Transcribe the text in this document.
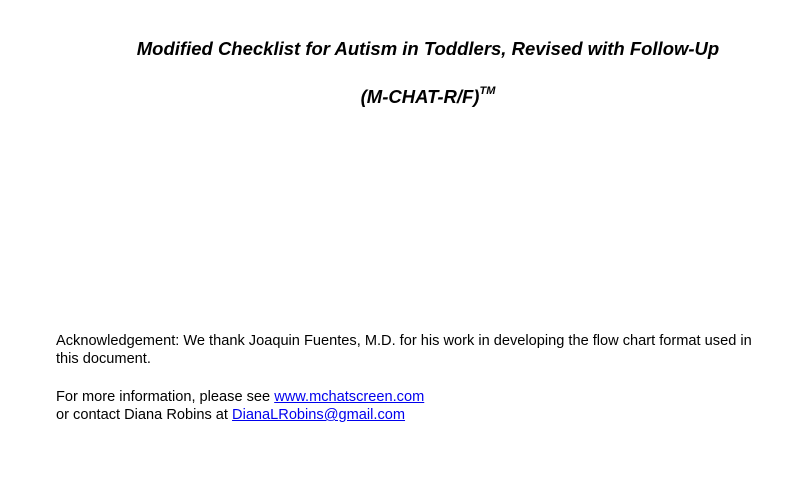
Modified Checklist for Autism in Toddlers, Revised with Follow-Up
(M-CHAT-R/F)™
Acknowledgement: We thank Joaquin Fuentes, M.D. for his work in developing the flow chart format used in this document.
For more information, please see www.mchatscreen.com
or contact Diana Robins at DianaLRobins@gmail.com
